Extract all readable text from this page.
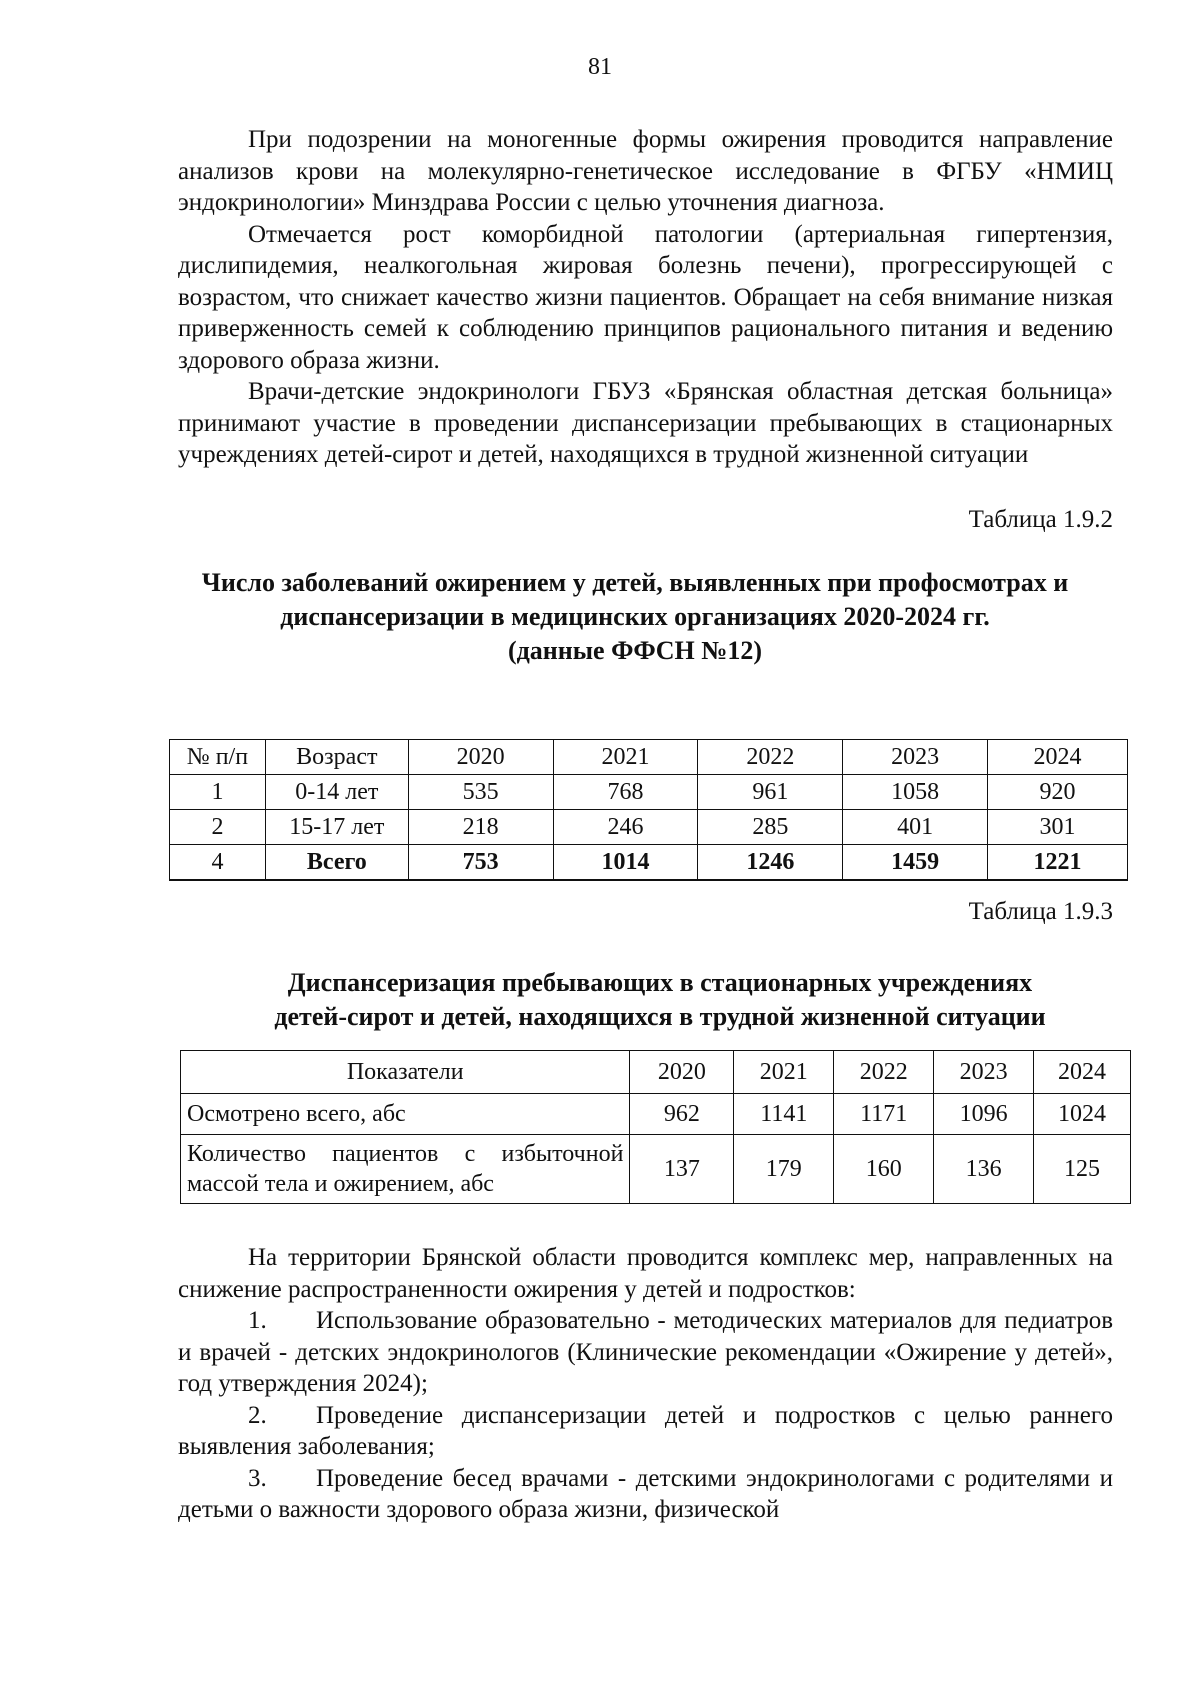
81

При подозрении на моногенные формы ожирения проводится направление анализов крови на молекулярно-генетическое исследование в ФГБУ «НМИЦ эндокринологии» Минздрава России с целью уточнения диагноза.

Отмечается рост коморбидной патологии (артериальная гипертензия, дислипидемия, неалкогольная жировая болезнь печени), прогрессирующей с возрастом, что снижает качество жизни пациентов. Обращает на себя внимание низкая приверженность семей к соблюдению принципов рационального питания и ведению здорового образа жизни.

Врачи-детские эндокринологи ГБУЗ «Брянская областная детская больница» принимают участие в проведении диспансеризации пребывающих в стационарных учреждениях детей-сирот и детей, находящихся в трудной жизненной ситуации

Таблица 1.9.2
Число заболеваний ожирением у детей, выявленных при профосмотрах и
диспансеризации в медицинских организациях 2020-2024 гг.
(данные ФФСН №12)
№ п/п	Возраст	2020	2021	2022	2023	2024
1	0-14 лет	535	768	961	1058	920
2	15-17 лет	218	246	285	401	301
4	Всего	753	1014	1246	1459	1221
Таблица 1.9.3
Диспансеризация пребывающих в стационарных учреждениях
детей-сирот и детей, находящихся в трудной жизненной ситуации
Показатели	2020	2021	2022	2023	2024
Осмотрено всего, абс	962	1141	1171	1096	1024
Количество пациентов с избыточной массой тела и ожирением, абс	137	179	160	136	125

На территории Брянской области проводится комплекс мер, направленных на снижение распространенности ожирения у детей и подростков:

1. Использование образовательно - методических материалов для педиатров и врачей - детских эндокринологов (Клинические рекомендации «Ожирение у детей», год утверждения 2024);

2. Проведение диспансеризации детей и подростков с целью раннего выявления заболевания;

3. Проведение бесед врачами - детскими эндокринологами с родителями и детьми о важности здорового образа жизни, физической
